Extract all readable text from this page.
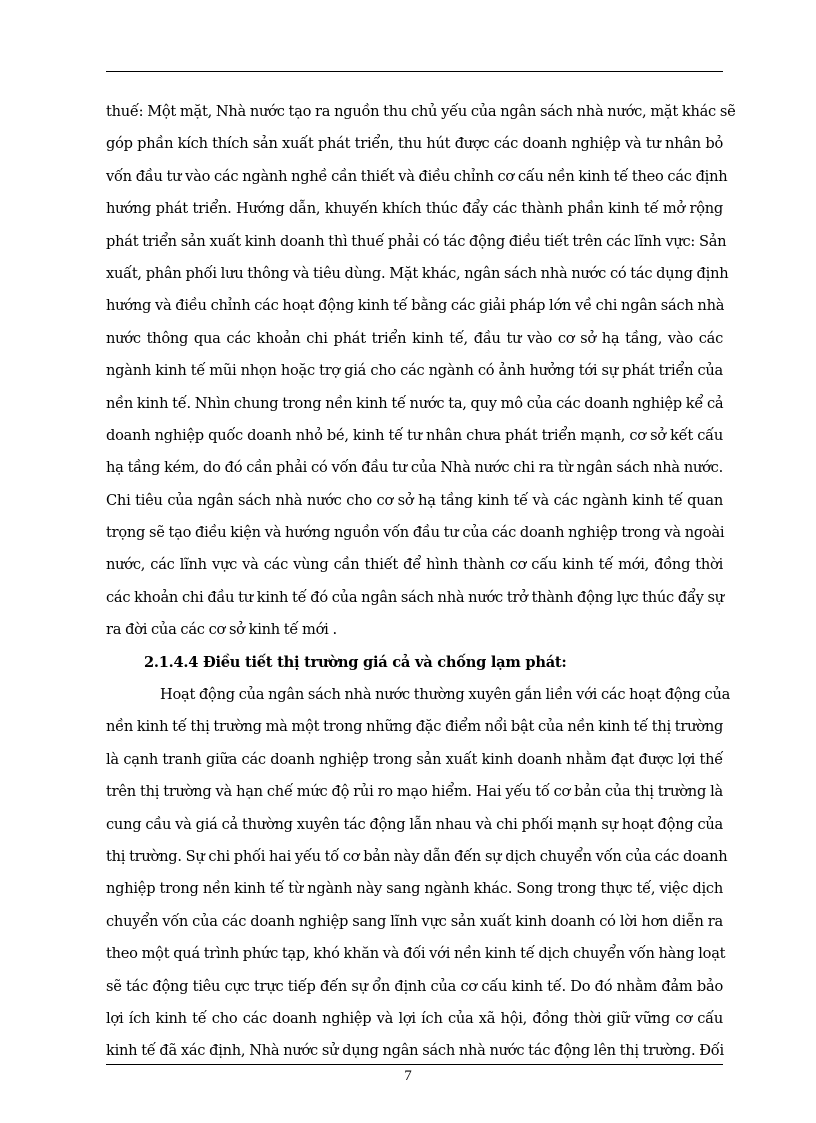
thuế: Một mặt, Nhà nước tạo ra nguồn thu chủ yếu của ngân sách nhà nước, mặt khác sẽ
góp phần kích thích sản xuất phát triển, thu hút được các doanh nghiệp và tư nhân bỏ
vốn đầu tư vào các ngành nghề cần thiết và điều chỉnh cơ cấu nền kinh tế theo các định
hướng phát triển. Hướng dẫn, khuyến khích thúc đẩy các thành phần kinh tế mở rộng
phát triển sản xuất kinh doanh thì thuế phải có tác động điều tiết trên các lĩnh vực: Sản
xuất, phân phối lưu thông và tiêu dùng. Mặt khác, ngân sách nhà nước có tác dụng định
hướng và điều chỉnh các hoạt động kinh tế bằng các giải pháp lớn về chi ngân sách nhà
nước thông qua các khoản chi phát triển kinh tế, đầu tư vào cơ sở hạ tầng, vào các
ngành kinh tế mũi nhọn hoặc trợ giá cho các ngành có ảnh hưởng tới sự phát triển của
nền kinh tế. Nhìn chung trong nền kinh tế nước ta, quy mô của các doanh nghiệp kể cả
doanh nghiệp quốc doanh nhỏ bé, kinh tế tư nhân chưa phát triển mạnh, cơ sở kết cấu
hạ tầng kém, do đó cần phải có vốn đầu tư của Nhà nước chi ra từ ngân sách nhà nước.
Chi tiêu của ngân sách nhà nước cho cơ sở hạ tầng kinh tế và các ngành kinh tế quan
trọng sẽ tạo điều kiện và hướng nguồn vốn đầu tư của các doanh nghiệp trong và ngoài
nước, các lĩnh vực và các vùng cần thiết để hình thành cơ cấu kinh tế mới, đồng thời
các khoản chi đầu tư kinh tế đó của ngân sách nhà nước trở thành động lực thúc đẩy sự
ra đời của các cơ sở kinh tế mới .
2.1.4.4 Điều tiết thị trường giá cả và chống lạm phát:
Hoạt động của ngân sách nhà nước thường xuyên gắn liền với các hoạt động của
nền kinh tế thị trường mà một trong những đặc điểm nổi bật của nền kinh tế thị trường
là cạnh tranh giữa các doanh nghiệp trong sản xuất kinh doanh nhằm đạt được lợi thế
trên thị trường và hạn chế mức độ rủi ro mạo hiểm. Hai yếu tố cơ bản của thị trường là
cung cầu và giá cả thường xuyên tác động lẫn nhau và chi phối mạnh sự hoạt động của
thị trường. Sự chi phối hai yếu tố cơ bản này dẫn đến sự dịch chuyển vốn của các doanh
nghiệp trong nền kinh tế từ ngành này sang ngành khác. Song trong thực tế, việc dịch
chuyển vốn của các doanh nghiệp sang lĩnh vực sản xuất kinh doanh có lời hơn diễn ra
theo một quá trình phức tạp, khó khăn và đối với nền kinh tế dịch chuyển vốn hàng loạt
sẽ tác động tiêu cực trực tiếp đến sự ổn định của cơ cấu kinh tế. Do đó nhằm đảm bảo
lợi ích kinh tế cho các doanh nghiệp và lợi ích của xã hội, đồng thời giữ vững cơ cấu
kinh tế đã xác định, Nhà nước sử dụng ngân sách nhà nước tác động lên thị trường. Đối
7
